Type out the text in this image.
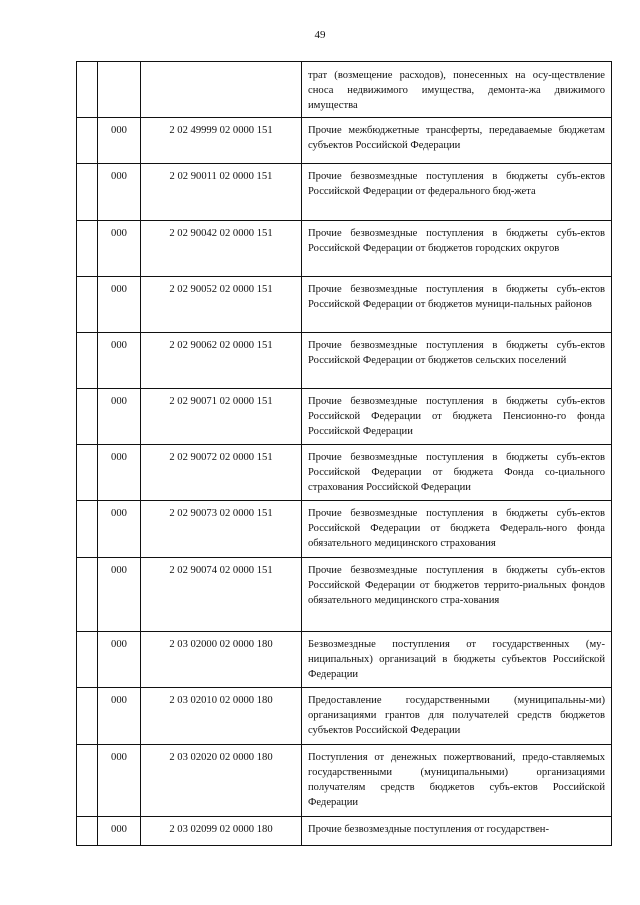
49
			трат (возмещение расходов), понесенных на осу-ществление сноса недвижимого имущества, демонта-жа движимого имущества
	000	2 02 49999 02 0000 151	Прочие межбюджетные трансферты, передаваемые бюджетам субъектов Российской Федерации
	000	2 02 90011 02 0000 151	Прочие безвозмездные поступления в бюджеты субъ-ектов Российской Федерации от федерального бюд-жета
	000	2 02 90042 02 0000 151	Прочие безвозмездные поступления в бюджеты субъ-ектов Российской Федерации от бюджетов городских округов
	000	2 02 90052 02 0000 151	Прочие безвозмездные поступления в бюджеты субъ-ектов Российской Федерации от бюджетов муници-пальных районов
	000	2 02 90062 02 0000 151	Прочие безвозмездные поступления в бюджеты субъ-ектов Российской Федерации от бюджетов сельских поселений
	000	2 02 90071 02 0000 151	Прочие безвозмездные поступления в бюджеты субъ-ектов Российской Федерации от бюджета Пенсионно-го фонда Российской Федерации
	000	2 02 90072 02 0000 151	Прочие безвозмездные поступления в бюджеты субъ-ектов Российской Федерации от бюджета Фонда со-циального страхования Российской Федерации
	000	2 02 90073 02 0000 151	Прочие безвозмездные поступления в бюджеты субъ-ектов Российской Федерации от бюджета Федераль-ного фонда обязательного медицинского страхования
	000	2 02 90074 02 0000 151	Прочие безвозмездные поступления в бюджеты субъ-ектов Российской Федерации от бюджетов террито-риальных фондов обязательного медицинского стра-хования
	000	2 03 02000 02 0000 180	Безвозмездные поступления от государственных (му-ниципальных) организаций в бюджеты субъектов Российской Федерации
	000	2 03 02010 02 0000 180	Предоставление государственными (муниципальны-ми) организациями грантов для получателей средств бюджетов субъектов Российской Федерации
	000	2 03 02020 02 0000 180	Поступления от денежных пожертвований, предо-ставляемых государственными (муниципальными) организациями получателям средств бюджетов субъ-ектов Российской Федерации
	000	2 03 02099 02 0000 180	Прочие безвозмездные поступления от государствен-
